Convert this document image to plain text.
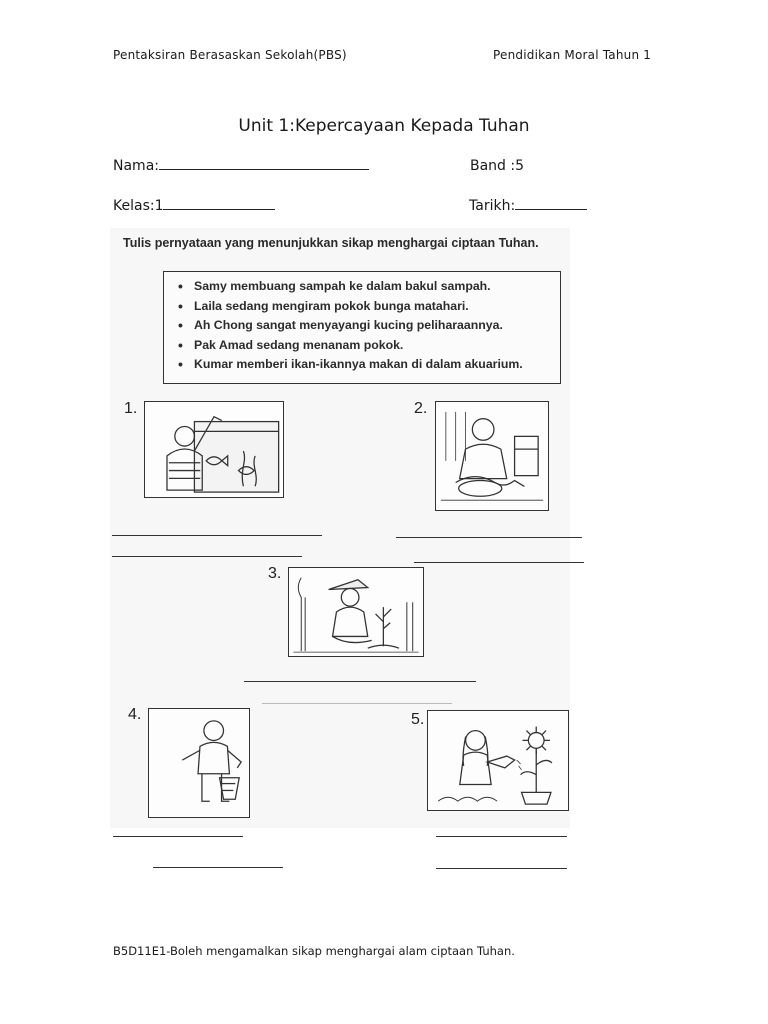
Pentaksiran Berasaskan Sekolah(PBS)	Pendidikan Moral Tahun 1
Unit 1:Kepercayaan Kepada Tuhan
Nama:	Band :5
Kelas:1	Tarikh:
Tulis pernyataan yang menunjukkan sikap menghargai ciptaan Tuhan.
• Samy membuang sampah ke dalam bakul sampah.
• Laila sedang mengiram pokok bunga matahari.
• Ah Chong sangat menyayangi kucing peliharaannya.
• Pak Amad sedang menanam pokok.
• Kumar memberi ikan-ikannya makan di dalam akuarium.
1.	2.
3.
4.	5.
B5D11E1-Boleh mengamalkan sikap menghargai alam ciptaan Tuhan.
